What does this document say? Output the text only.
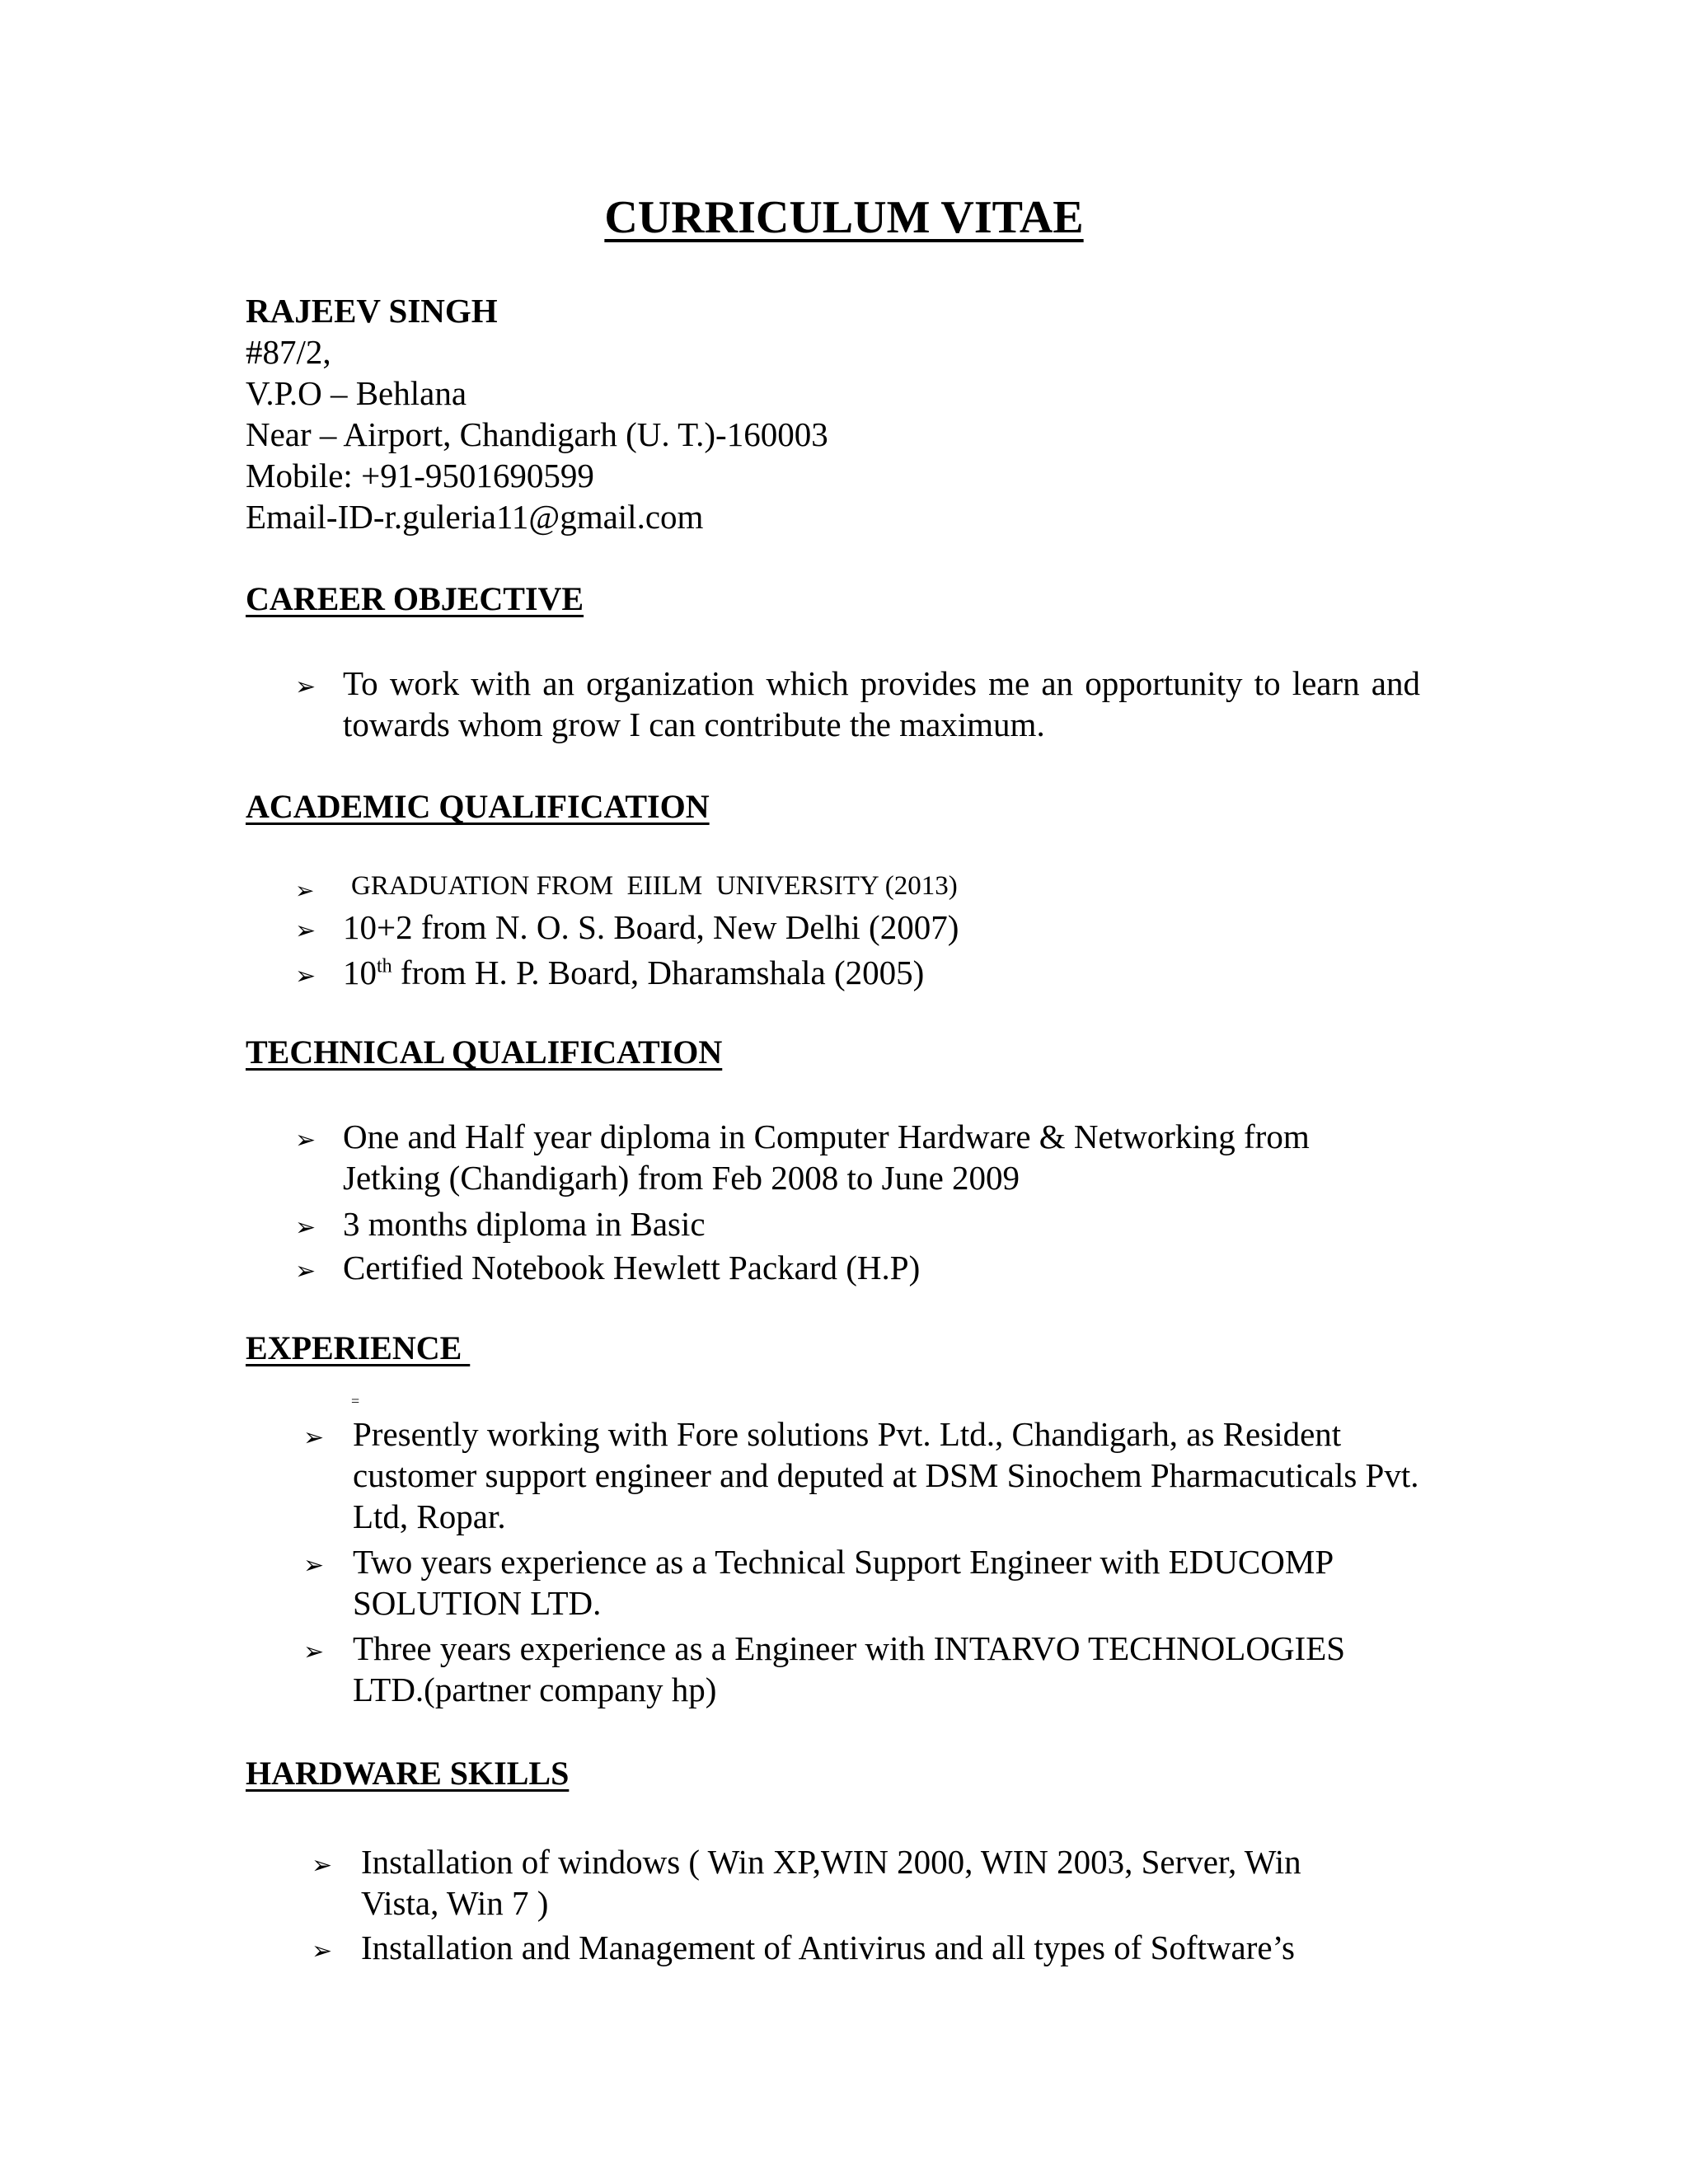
CURRICULUM VITAE
RAJEEV SINGH
#87/2,
V.P.O – Behlana
Near – Airport, Chandigarh (U. T.)-160003
Mobile: +91-9501690599
Email-ID-r.guleria11@gmail.com
CAREER OBJECTIVE
➢ To work with an organization which provides me an opportunity to learn and towards whom grow I can contribute the maximum.
ACADEMIC QUALIFICATION
➢ GRADUATION FROM  EIILM  UNIVERSITY (2013)
➢ 10+2 from N. O. S. Board, New Delhi (2007)
➢ 10th from H. P. Board, Dharamshala (2005)
TECHNICAL QUALIFICATION
➢ One and Half year diploma in Computer Hardware & Networking from Jetking (Chandigarh) from Feb 2008 to June 2009
➢ 3 months diploma in Basic
➢ Certified Notebook Hewlett Packard (H.P)
EXPERIENCE
=
➢ Presently working with Fore solutions Pvt. Ltd., Chandigarh, as Resident customer support engineer and deputed at DSM Sinochem Pharmacuticals Pvt. Ltd, Ropar.
➢ Two years experience as a Technical Support Engineer with EDUCOMP SOLUTION LTD.
➢ Three years experience as a Engineer with INTARVO TECHNOLOGIES LTD.(partner company hp)
HARDWARE SKILLS
➢ Installation of windows ( Win XP,WIN 2000, WIN 2003, Server, Win Vista, Win 7 )
➢ Installation and Management of Antivirus and all types of Software’s
